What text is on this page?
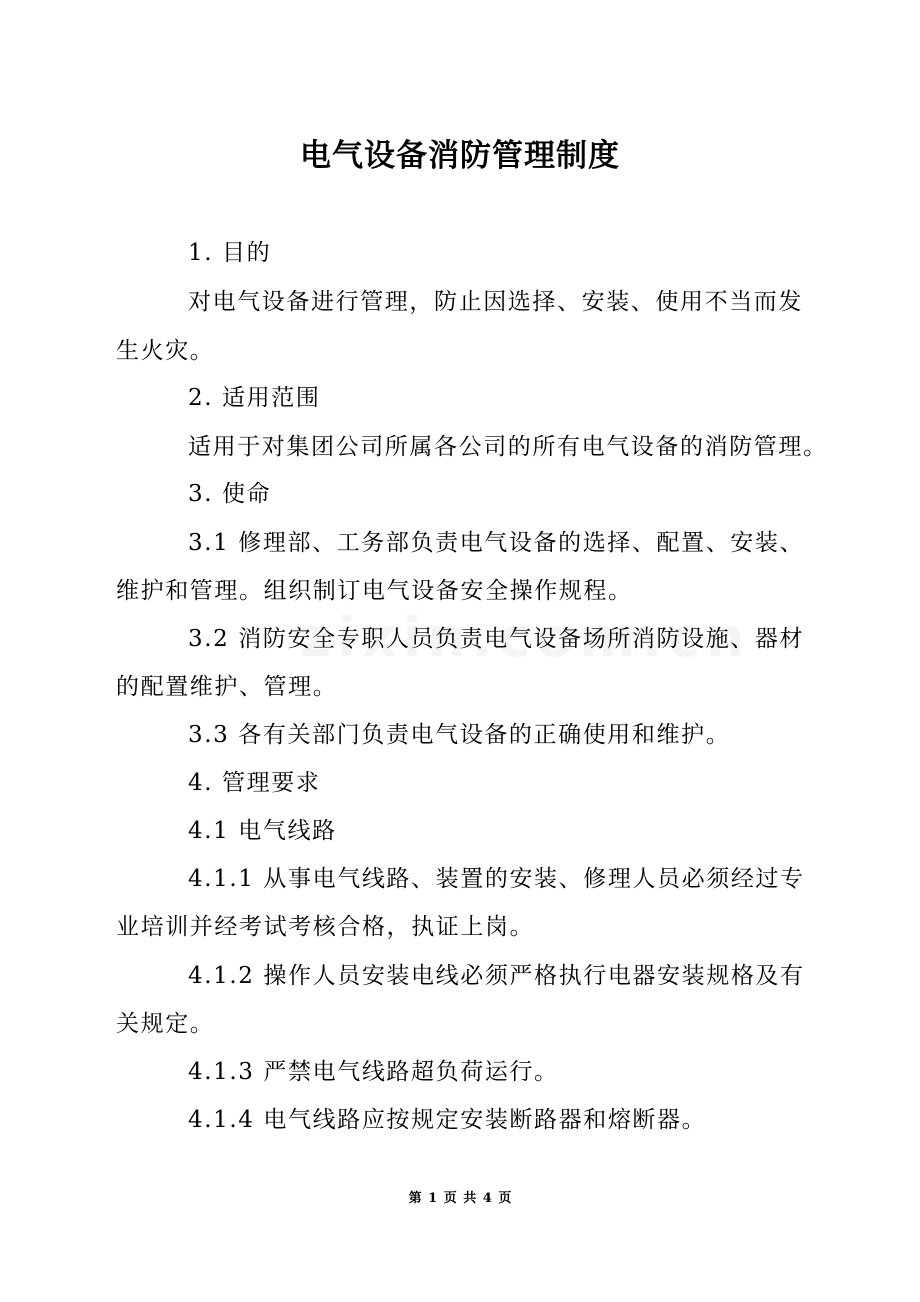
电气设备消防管理制度
1. 目的
对电气设备进行管理，防止因选择、安装、使用不当而发
生火灾。
2. 适用范围
适用于对集团公司所属各公司的所有电气设备的消防管理。
3. 使命
3.1 修理部、工务部负责电气设备的选择、配置、安装、
维护和管理。组织制订电气设备安全操作规程。
3.2 消防安全专职人员负责电气设备场所消防设施、器材
的配置维护、管理。
3.3 各有关部门负责电气设备的正确使用和维护。
4. 管理要求
4.1 电气线路
4.1.1 从事电气线路、装置的安装、修理人员必须经过专
业培训并经考试考核合格，执证上岗。
4.1.2 操作人员安装电线必须严格执行电器安装规格及有
关规定。
4.1.3 严禁电气线路超负荷运行。
4.1.4 电气线路应按规定安装断路器和熔断器。
第 1 页 共 4 页
